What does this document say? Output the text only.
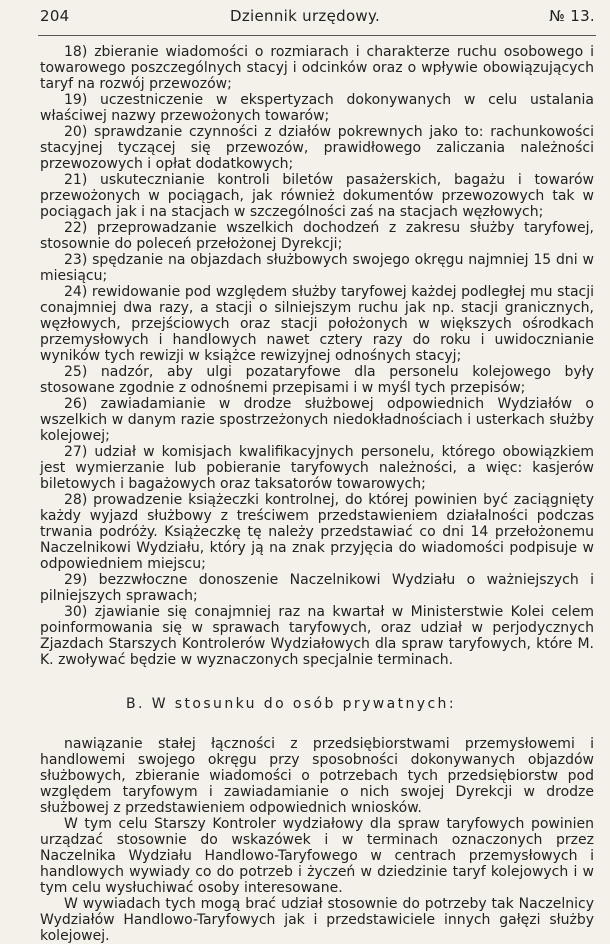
204	Dziennik urzędowy.	№ 13.

18) zbieranie wiadomości o rozmiarach i charakterze ruchu osobowego i towarowego poszczególnych stacyj i odcinków oraz o wpływie obowiązujących taryf na rozwój przewozów;

19) uczestniczenie w ekspertyzach dokonywanych w celu ustalania właściwej nazwy przewożonych towarów;

20) sprawdzanie czynności z działów pokrewnych jako to: rachunkowości stacyjnej tyczącej się przewozów, prawidłowego zaliczania należności przewozowych i opłat dodatkowych;

21) uskutecznianie kontroli biletów pasażerskich, bagażu i towarów przewożonych w pociągach, jak również dokumentów przewozowych tak w pociągach jak i na stacjach w szczególności zaś na stacjach węzłowych;

22) przeprowadzanie wszelkich dochodzeń z zakresu służby taryfowej, stosownie do poleceń przełożonej Dyrekcji;

23) spędzanie na objazdach służbowych swojego okręgu najmniej 15 dni w miesiącu;

24) rewidowanie pod względem służby taryfowej każdej podległej mu stacji conajmniej dwa razy, a stacji o silniejszym ruchu jak np. stacji granicznych, węzłowych, przejściowych oraz stacji położonych w większych ośrodkach przemysłowych i handlowych nawet cztery razy do roku i uwidocznianie wyników tych rewizji w książce rewizyjnej odnośnych stacyj;

25) nadzór, aby ulgi pozataryfowe dla personelu kolejowego były stosowane zgodnie z odnośnemi przepisami i w myśl tych przepisów;

26) zawiadamianie w drodze służbowej odpowiednich Wydziałów o wszelkich w danym razie spostrzeżonych niedokładnościach i usterkach służby kolejowej;

27) udział w komisjach kwalifikacyjnych personelu, którego obowiązkiem jest wymierzanie lub pobieranie taryfowych należności, a więc: kasjerów biletowych i bagażowych oraz taksatorów towarowych;

28) prowadzenie książeczki kontrolnej, do której powinien być zaciągnięty każdy wyjazd służbowy z treściwem przedstawieniem działalności podczas trwania podróży. Książeczkę tę należy przedstawiać co dni 14 przełożonemu Naczelnikowi Wydziału, który ją na znak przyjęcia do wiadomości podpisuje w odpowiedniem miejscu;

29) bezzwłoczne donoszenie Naczelnikowi Wydziału o ważniejszych i pilniejszych sprawach;

30) zjawianie się conajmniej raz na kwartał w Ministerstwie Kolei celem poinformowania się w sprawach taryfowych, oraz udział w perjodycznych Zjazdach Starszych Kontrolerów Wydziałowych dla spraw taryfowych, które M. K. zwoływać będzie w wyznaczonych specjalnie terminach.

B. W stosunku do osób prywatnych:

nawiązanie stałej łączności z przedsiębiorstwami przemysłowemi i handlowemi swojego okręgu przy sposobności dokonywanych objazdów służbowych, zbieranie wiadomości o potrzebach tych przedsiębiorstw pod względem taryfowym i zawiadamianie o nich swojej Dyrekcji w drodze służbowej z przedstawieniem odpowiednich wniosków.

W tym celu Starszy Kontroler wydziałowy dla spraw taryfowych powinien urządzać stosownie do wskazówek i w terminach oznaczonych przez Naczelnika Wydziału Handlowo-Taryfowego w centrach przemysłowych i handlowych wywiady co do potrzeb i życzeń w dziedzinie taryf kolejowych i w tym celu wysłuchiwać osoby interesowane.

W wywiadach tych mogą brać udział stosownie do potrzeby tak Naczelnicy Wydziałów Handlowo-Taryfowych jak i przedstawiciele innych gałęzi służby kolejowej.
